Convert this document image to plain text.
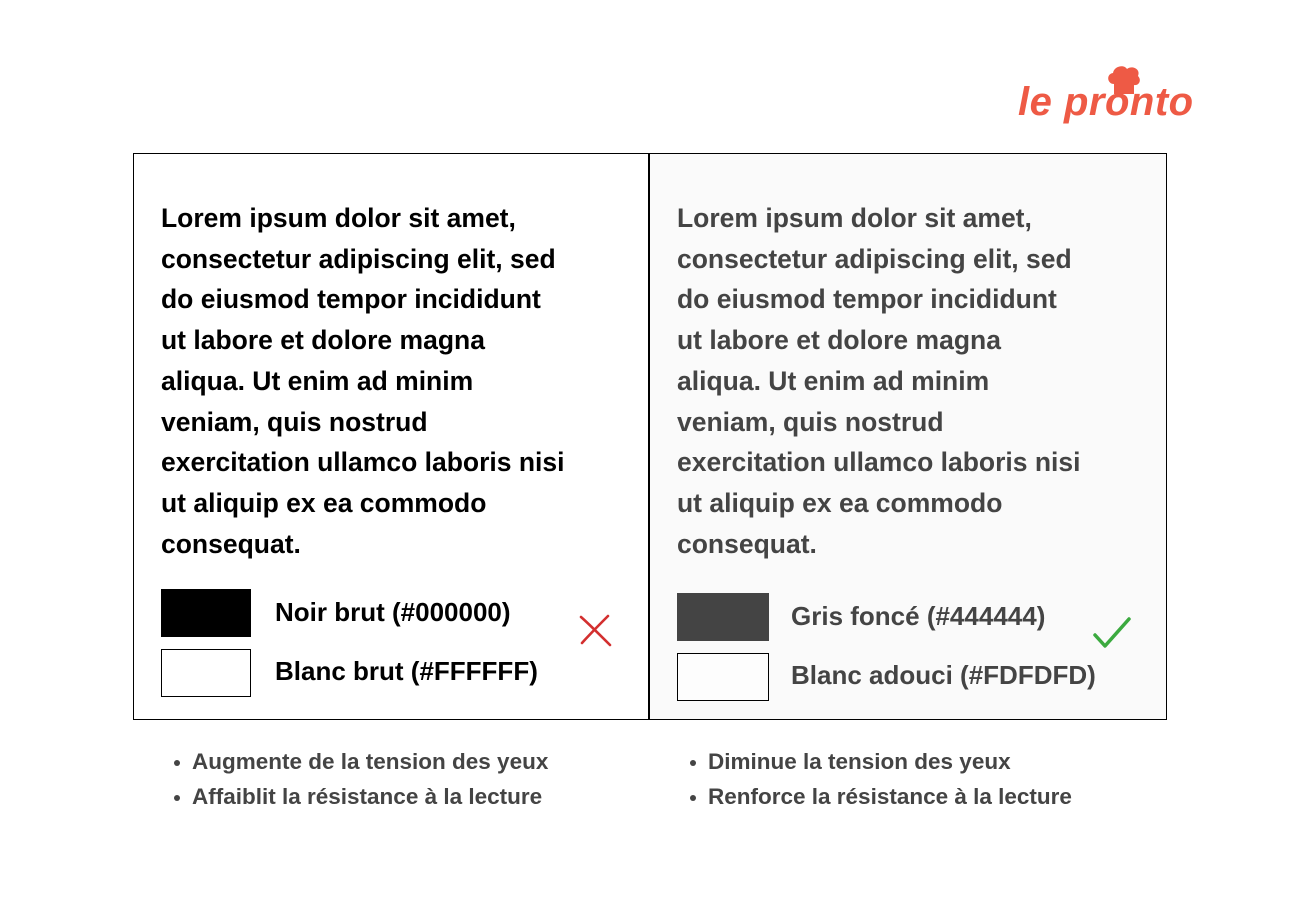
le pronto

Lorem ipsum dolor sit amet,
consectetur adipiscing elit, sed
do eiusmod tempor incididunt
ut labore et dolore magna
aliqua. Ut enim ad minim
veniam, quis nostrud
exercitation ullamco laboris nisi
ut aliquip ex ea commodo
consequat.

Noir brut (#000000)
Blanc brut (#FFFFFF)

Lorem ipsum dolor sit amet,
consectetur adipiscing elit, sed
do eiusmod tempor incididunt
ut labore et dolore magna
aliqua. Ut enim ad minim
veniam, quis nostrud
exercitation ullamco laboris nisi
ut aliquip ex ea commodo
consequat.

Gris foncé (#444444)
Blanc adouci (#FDFDFD)
Augmente de la tension des yeux
Affaiblit la résistance à la lecture
Diminue la tension des yeux
Renforce la résistance à la lecture
